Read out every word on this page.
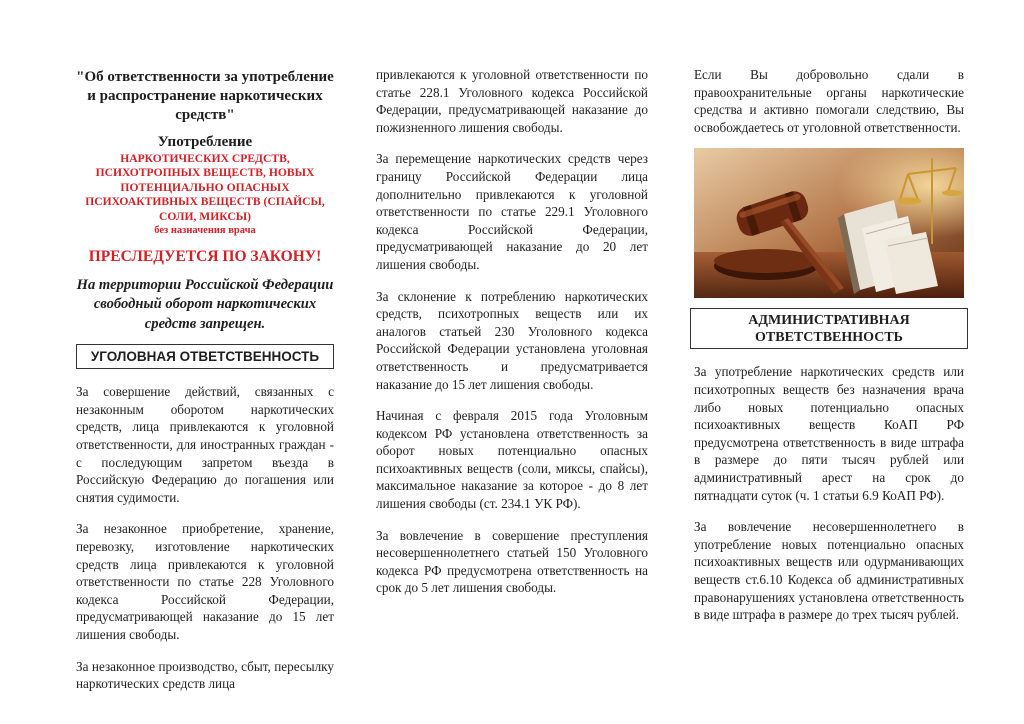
"Об ответственности за употребление и распространение наркотических средств"
Употребление
НАРКОТИЧЕСКИХ СРЕДСТВ, ПСИХОТРОПНЫХ ВЕЩЕСТВ, НОВЫХ ПОТЕНЦИАЛЬНО ОПАСНЫХ ПСИХОАКТИВНЫХ ВЕЩЕСТВ (СПАЙСЫ, СОЛИ, МИКСЫ)
без назначения врача
ПРЕСЛЕДУЕТСЯ ПО ЗАКОНУ!
На территории Российской Федерации свободный оборот наркотических средств запрещен.
УГОЛОВНАЯ ОТВЕТСТВЕННОСТЬ

За совершение действий, связанных с незаконным оборотом наркотических средств, лица привлекаются к уголовной ответственности, для иностранных граждан - с последующим запретом въезда в Российскую Федерацию до погашения или снятия судимости.

За незаконное приобретение, хранение, перевозку, изготовление наркотических средств лица привлекаются к уголовной ответственности по статье 228 Уголовного кодекса Российской Федерации, предусматривающей наказание до 15 лет лишения свободы.

За незаконное производство, сбыт, пересылку наркотических средств лица

привлекаются к уголовной ответственности по статье 228.1 Уголовного кодекса Российской Федерации, предусматривающей наказание до пожизненного лишения свободы.

За перемещение наркотических средств через границу Российской Федерации лица дополнительно привлекаются к уголовной ответственности по статье 229.1 Уголовного кодекса Российской Федерации, предусматривающей наказание до 20 лет лишения свободы.

За склонение к потреблению наркотических средств, психотропных веществ или их аналогов статьей 230 Уголовного кодекса Российской Федерации установлена уголовная ответственность и предусматривается наказание до 15 лет лишения свободы.

Начиная с февраля 2015 года Уголовным кодексом РФ установлена ответственность за оборот новых потенциально опасных психоактивных веществ (соли, миксы, спайсы), максимальное наказание за которое - до 8 лет лишения свободы (ст. 234.1 УК РФ).

За вовлечение в совершение преступления несовершеннолетнего статьей 150 Уголовного кодекса РФ предусмотрена ответственность на срок до 5 лет лишения свободы.

Если Вы добровольно сдали в правоохранительные органы наркотические средства и активно помогали следствию, Вы освобождаетесь от уголовной ответственности.

АДМИНИСТРАТИВНАЯ ОТВЕТСТВЕННОСТЬ

За употребление наркотических средств или психотропных веществ без назначения врача либо новых потенциально опасных психоактивных веществ КоАП РФ предусмотрена ответственность в виде штрафа в размере до пяти тысяч рублей или административный арест на срок до пятнадцати суток (ч. 1 статьи 6.9 КоАП РФ).

За вовлечение несовершеннолетнего в употребление новых потенциально опасных психоактивных веществ или одурманивающих веществ ст.6.10 Кодекса об административных правонарушениях установлена ответственность в виде штрафа в размере до трех тысяч рублей.
